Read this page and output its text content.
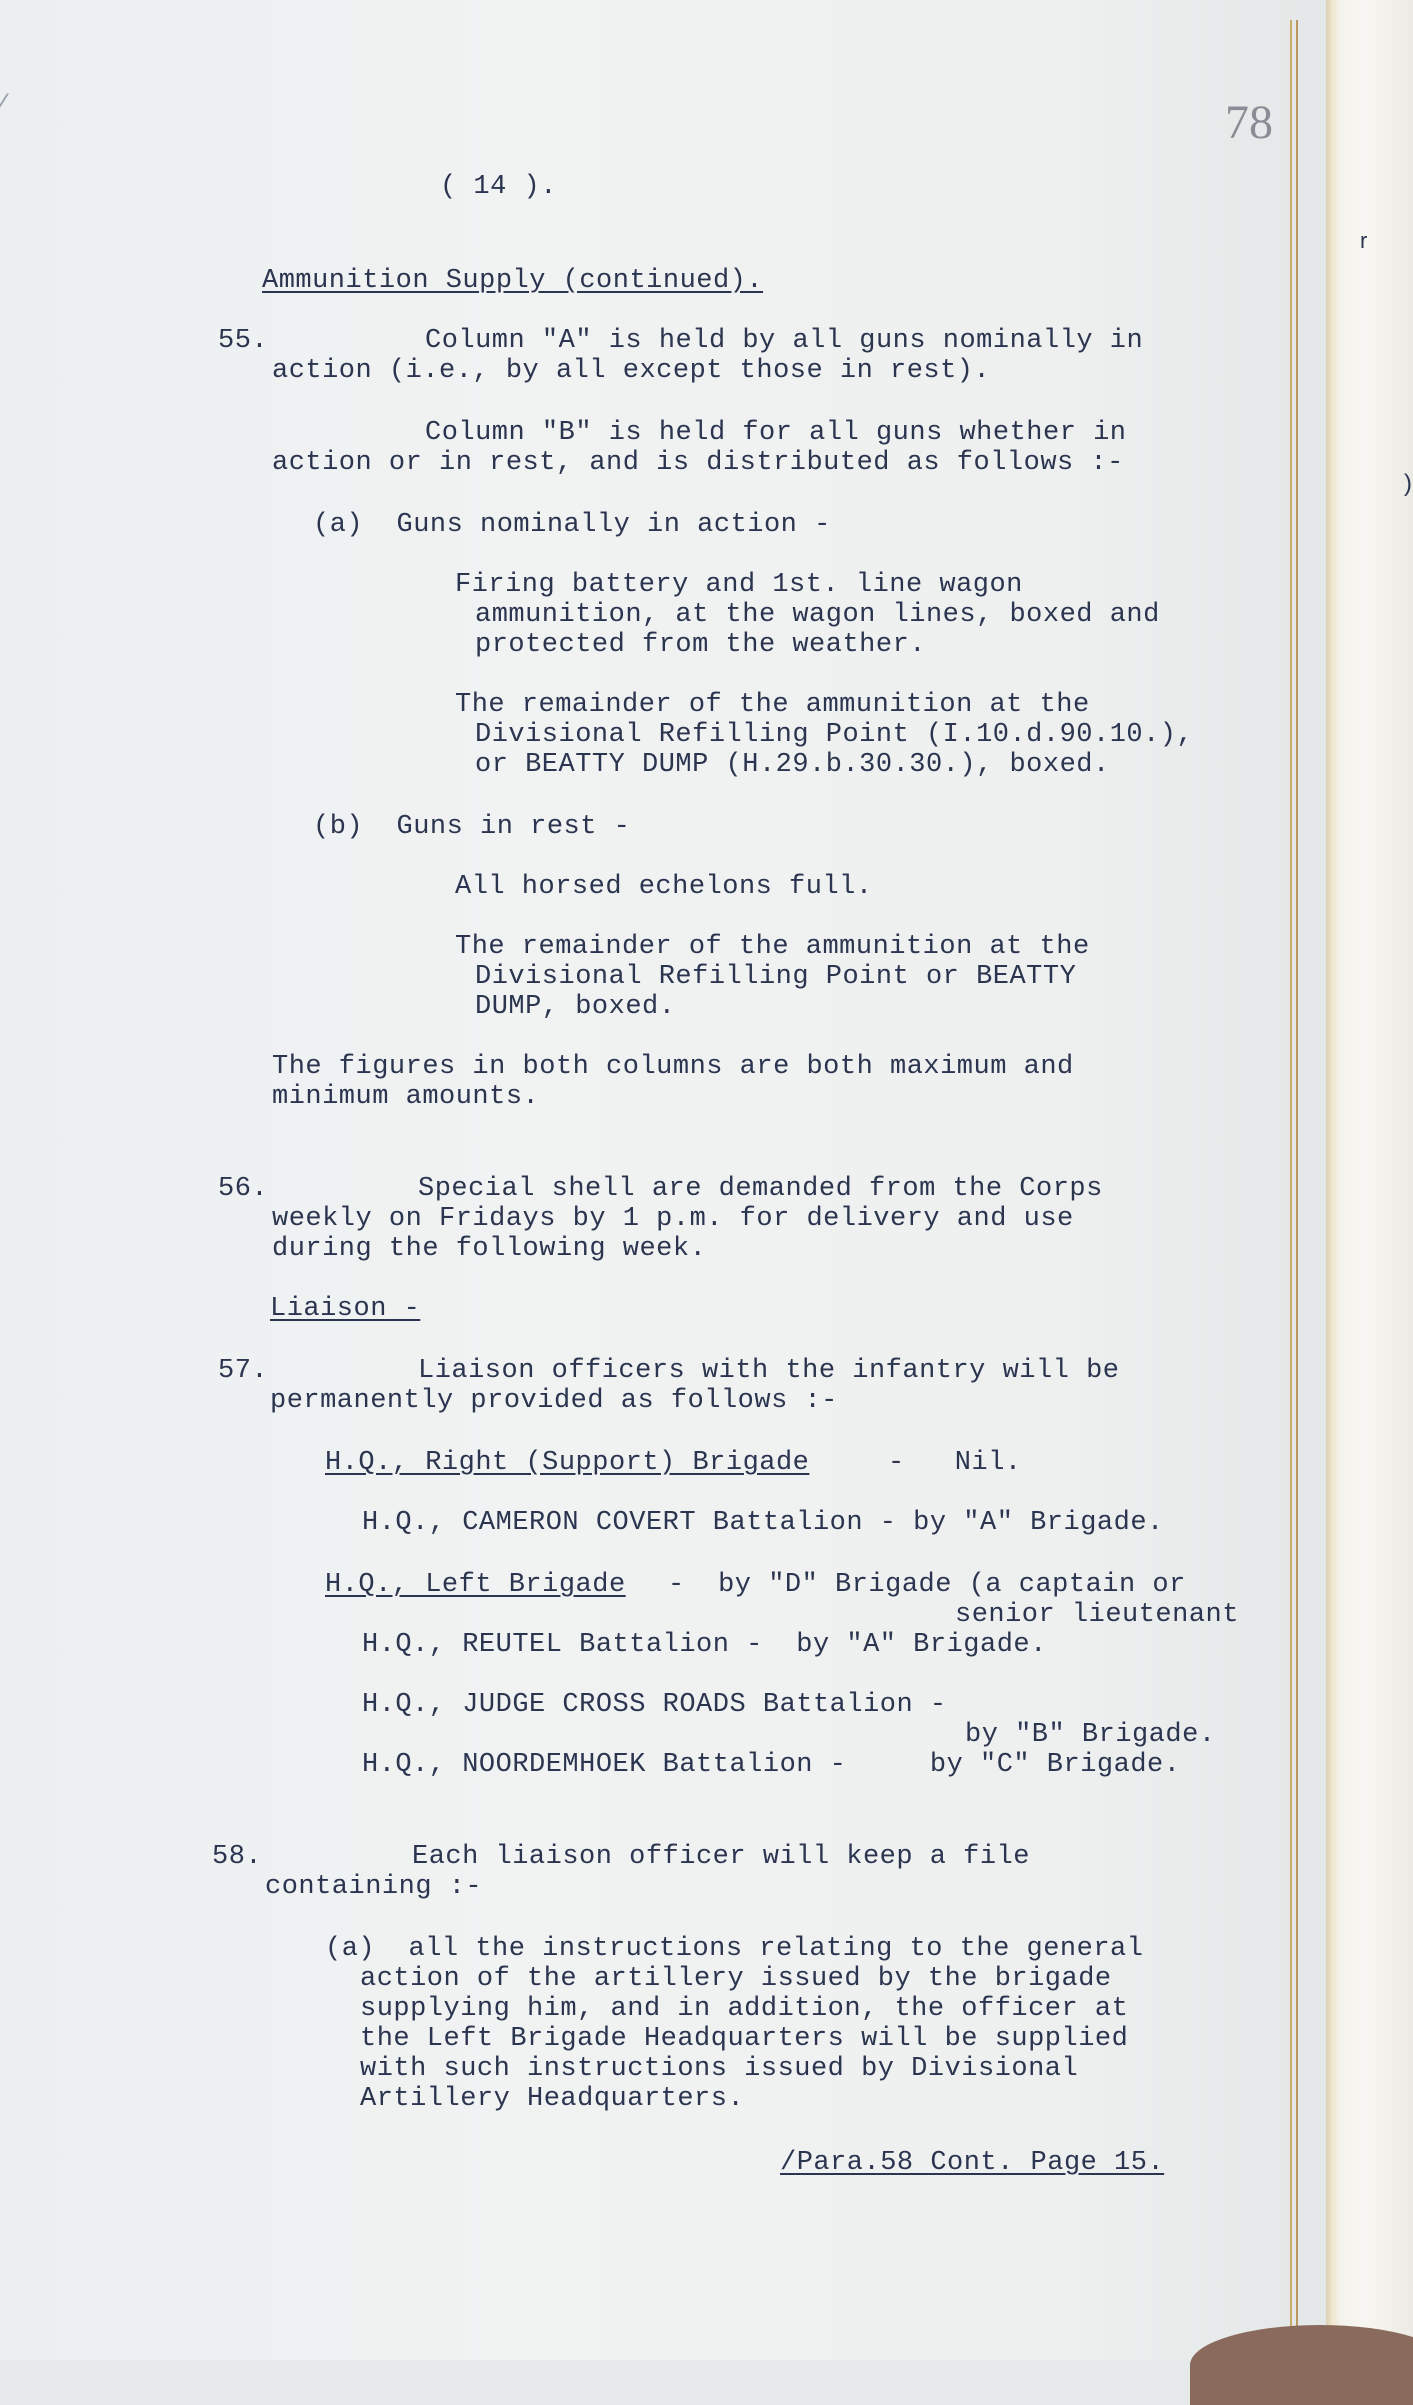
78
( 14 ).
Ammunition Supply (continued).
55.	Column "A" is held by all guns nominally in
action (i.e., by all except those in rest).
Column "B" is held for all guns whether in
action or in rest, and is distributed as follows :-
(a)  Guns nominally in action -
Firing battery and 1st. line wagon
ammunition, at the wagon lines, boxed and
protected from the weather.
The remainder of the ammunition at the
Divisional Refilling Point (I.10.d.90.10.),
or BEATTY DUMP (H.29.b.30.30.), boxed.
(b)  Guns in rest -
All horsed echelons full.
The remainder of the ammunition at the
Divisional Refilling Point or BEATTY
DUMP, boxed.
The figures in both columns are both maximum and
minimum amounts.
56.	Special shell are demanded from the Corps
weekly on Fridays by 1 p.m. for delivery and use
during the following week.
Liaison -
57.	Liaison officers with the infantry will be
permanently provided as follows :-
H.Q., Right (Support) Brigade	-   Nil.
H.Q., CAMERON COVERT Battalion - by "A" Brigade.
H.Q., Left Brigade -  by "D" Brigade (a captain or
senior lieutenant
H.Q., REUTEL Battalion -  by "A" Brigade.
H.Q., JUDGE CROSS ROADS Battalion -
by "B" Brigade.
H.Q., NOORDEMHOEK Battalion -     by "C" Brigade.
58.	Each liaison officer will keep a file
containing :-
(a)  all the instructions relating to the general
action of the artillery issued by the brigade
supplying him, and in addition, the officer at
the Left Brigade Headquarters will be supplied
with such instructions issued by Divisional
Artillery Headquarters.
/Para.58 Cont. Page 15.
⁄
r
)
